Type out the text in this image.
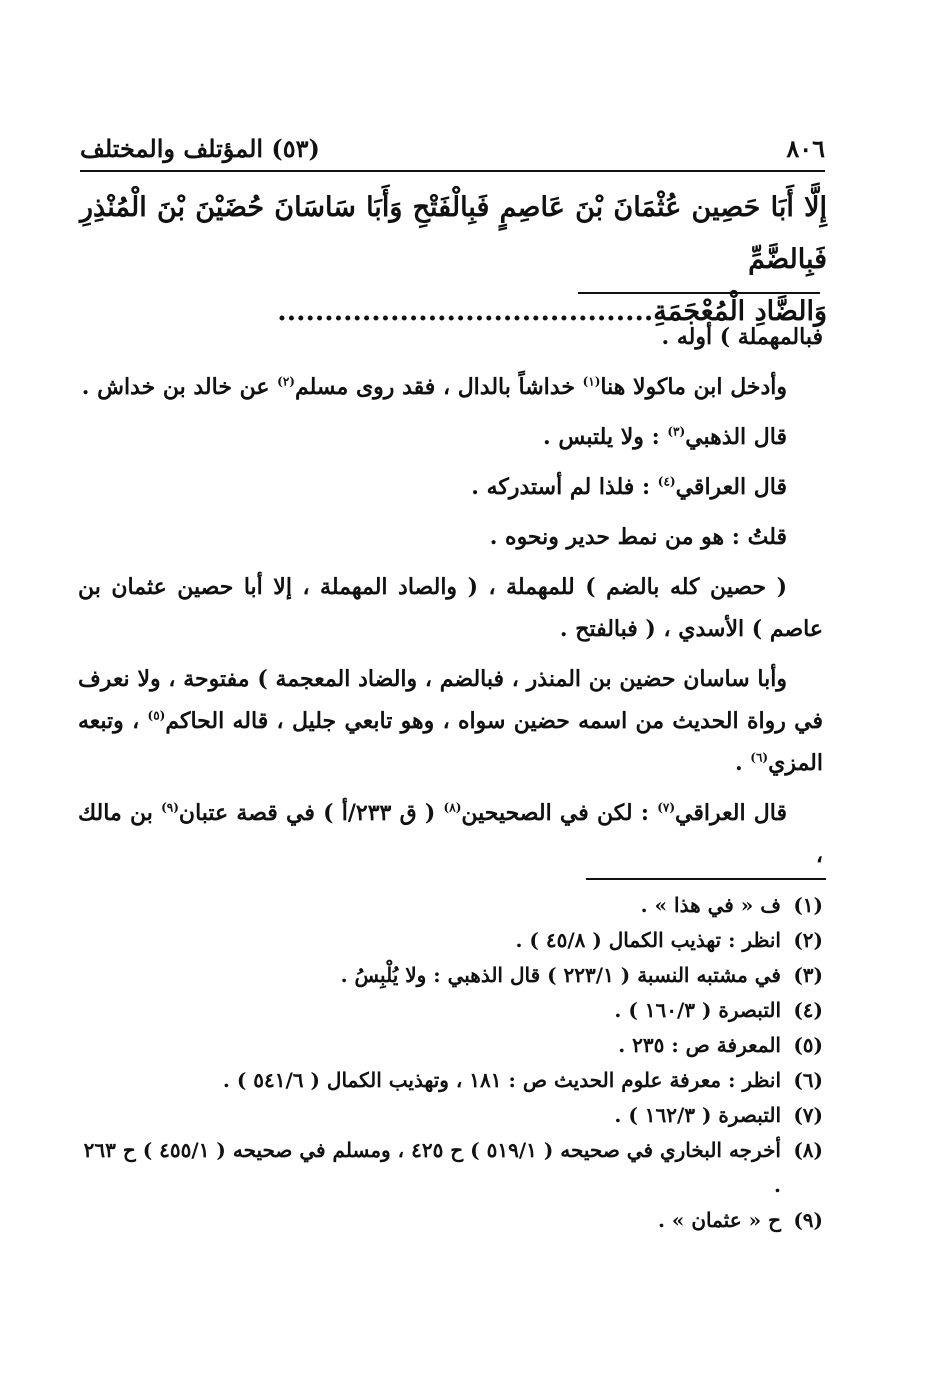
٨٠٦
(٥٣) المؤتلف والمختلف
إِلَّا أَبَا حَصِين عُثْمَانَ بْنَ عَاصِمٍ فَبِالْفَتْحِ وَأَبَا سَاسَانَ حُضَيْنَ بْنَ الْمُنْذِرِ فَبِالضَّمِّ
وَالضَّادِ الْمُعْجَمَةِ........................................

فبالمهملة ) أوله .

وأدخل ابن ماكولا هنا$^{(١)}$ خداشاً بالدال ، فقد روى مسلم$^{(٢)}$ عن خالد بن خداش .

قال الذهبي$^{(٣)}$ : ولا يلتبس .

قال العراقي$^{(٤)}$ : فلذا لم أستدركه .

قلتُ : هو من نمط حدير ونحوه .

( حصين كله بالضم ) للمهملة ، ( والصاد المهملة ، إلا أبا حصين عثمان بن عاصم ) الأسدي ، ( فبالفتح .

وأبا ساسان حضين بن المنذر ، فبالضم ، والضاد المعجمة ) مفتوحة ، ولا نعرف في رواة الحديث من اسمه حضين سواه ، وهو تابعي جليل ، قاله الحاكم$^{(٥)}$ ، وتبعه المزي$^{(٦)}$ .

قال العراقي$^{(٧)}$ : لكن في الصحيحين$^{(٨)}$ ( ق ٢٣٣/أ ) في قصة عتبان$^{(٩)}$ بن مالك ،

(١)
ف « في هذا » .
(٢)
انظر : تهذيب الكمال ( ٤٥/٨ ) .
(٣)
في مشتبه النسبة ( ٢٢٣/١ ) قال الذهبي : ولا يُلْبِسُ .
(٤)
التبصرة ( ١٦٠/٣ ) .
(٥)
المعرفة ص : ٢٣٥ .
(٦)
انظر : معرفة علوم الحديث ص : ١٨١ ، وتهذيب الكمال ( ٥٤١/٦ ) .
(٧)
التبصرة ( ١٦٢/٣ ) .
(٨)
أخرجه البخاري في صحيحه ( ٥١٩/١ ) ح ٤٢٥ ، ومسلم في صحيحه ( ٤٥٥/١ ) ح ٢٦٣ .
(٩)
ح « عثمان » .
